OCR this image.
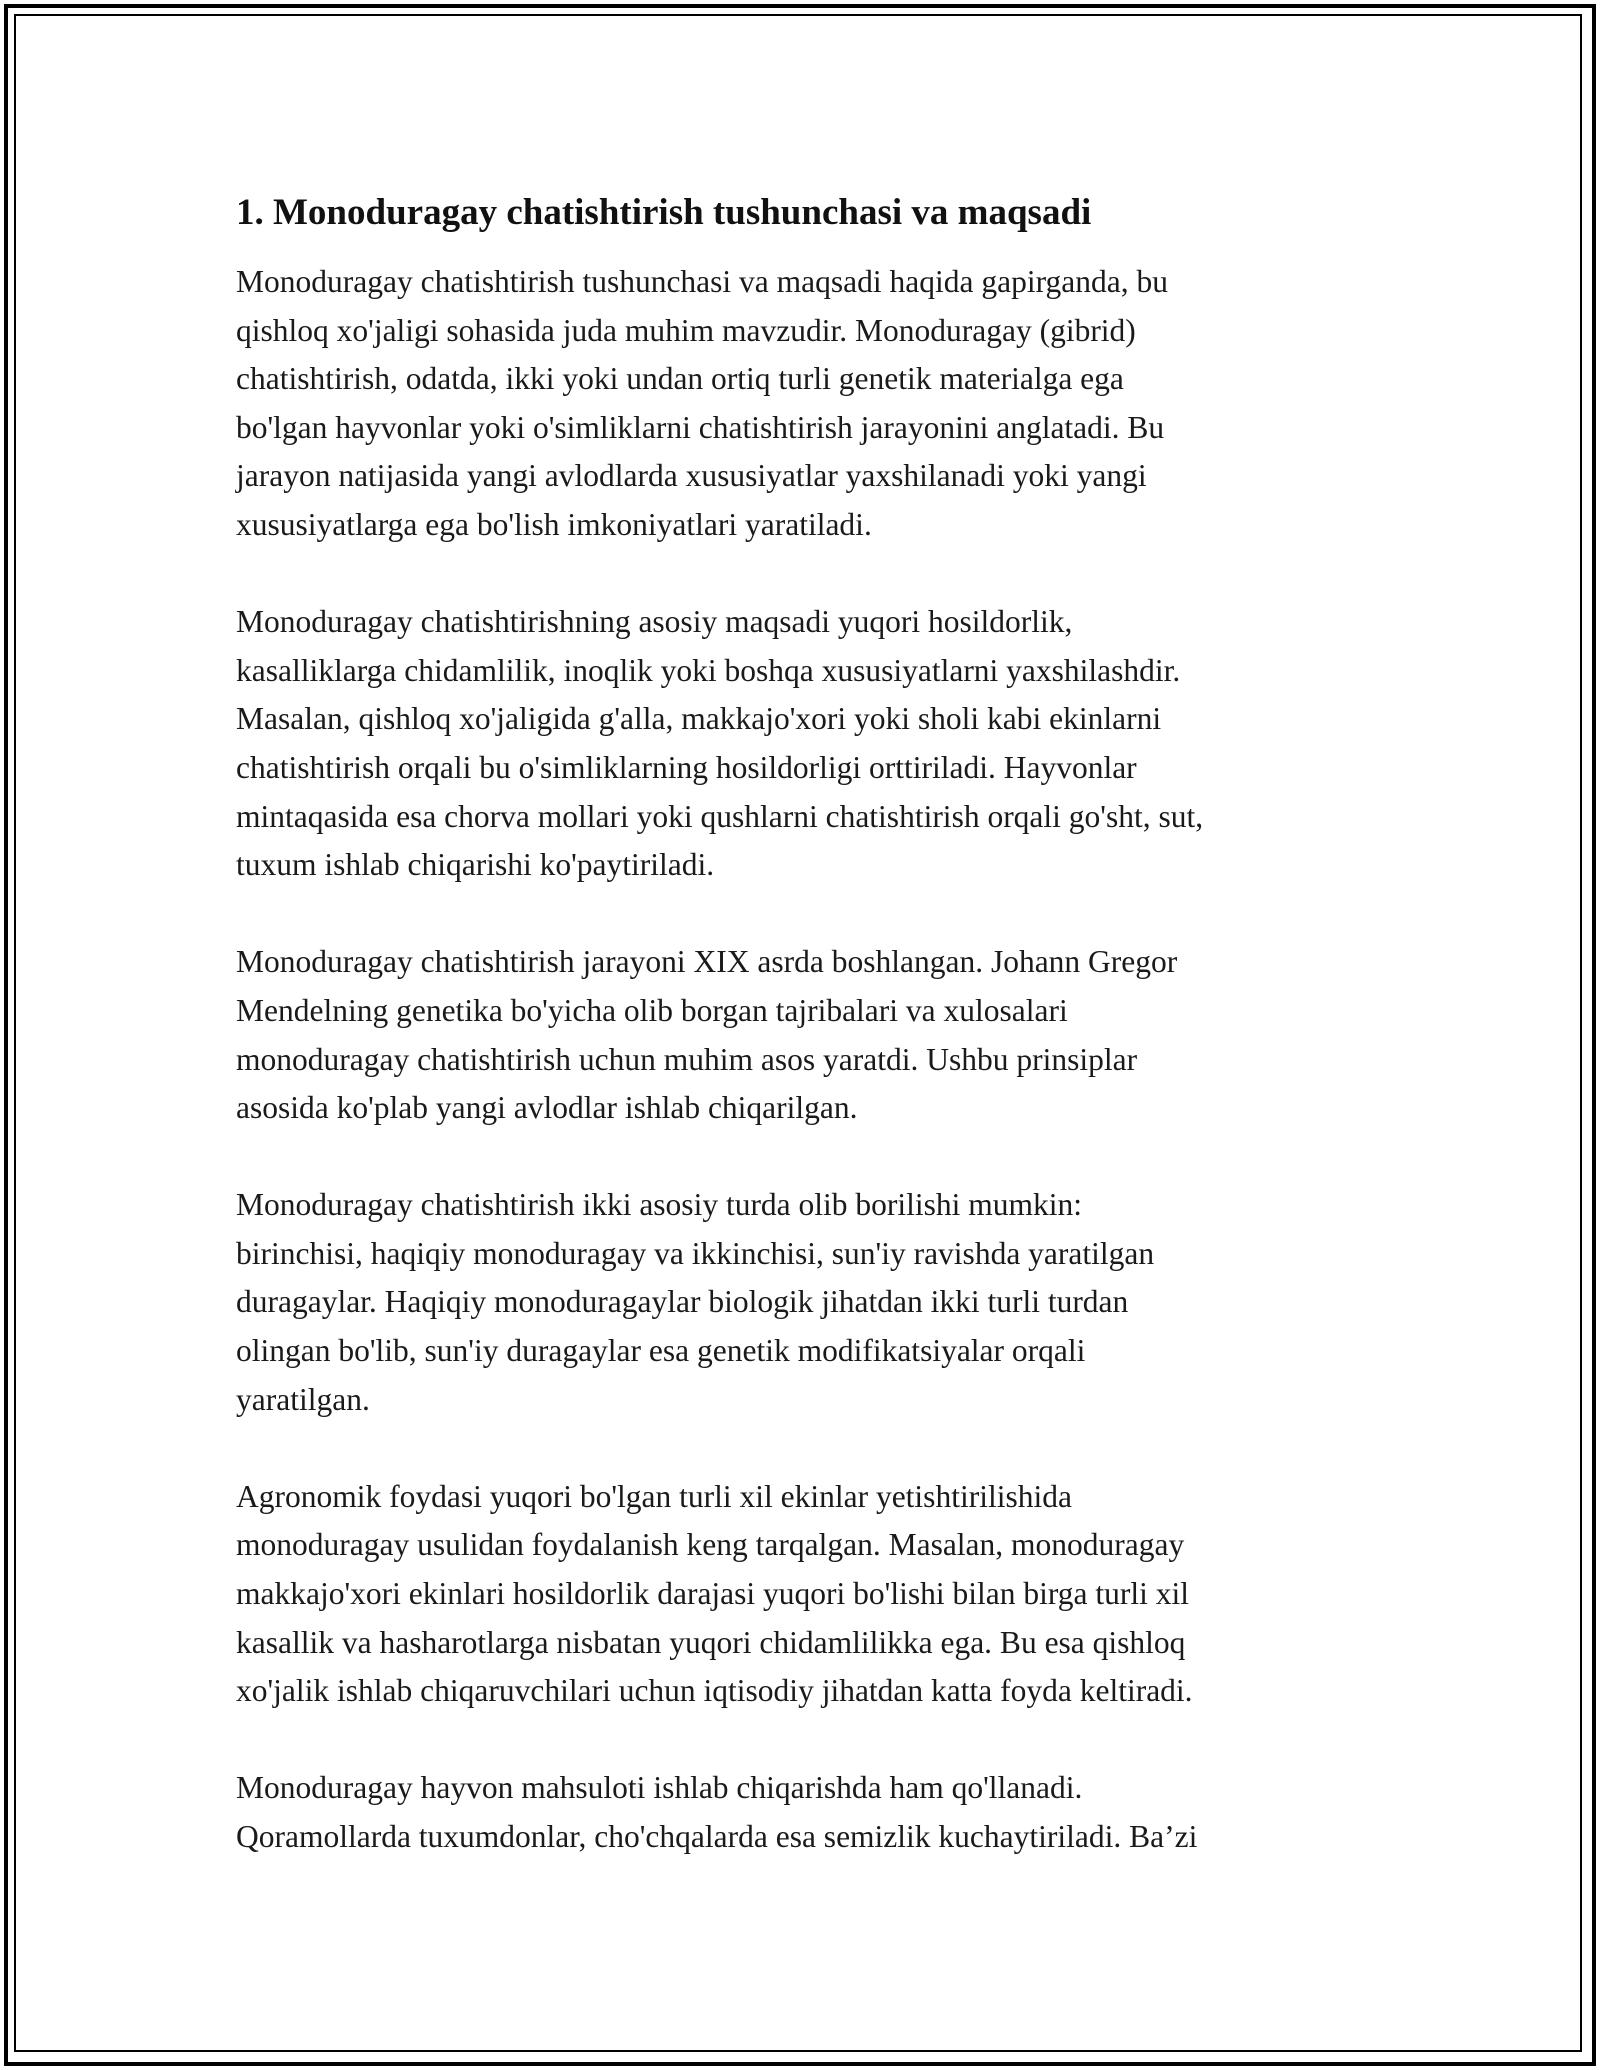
1. Monoduragay chatishtirish tushunchasi va maqsadi

Monoduragay chatishtirish tushunchasi va maqsadi haqida gapirganda, bu
qishloq xo'jaligi sohasida juda muhim mavzudir. Monoduragay (gibrid)
chatishtirish, odatda, ikki yoki undan ortiq turli genetik materialga ega
bo'lgan hayvonlar yoki o'simliklarni chatishtirish jarayonini anglatadi. Bu
jarayon natijasida yangi avlodlarda xususiyatlar yaxshilanadi yoki yangi
xususiyatlarga ega bo'lish imkoniyatlari yaratiladi.

Monoduragay chatishtirishning asosiy maqsadi yuqori hosildorlik,
kasalliklarga chidamlilik, inoqlik yoki boshqa xususiyatlarni yaxshilashdir.
Masalan, qishloq xo'jaligida g'alla, makkajo'xori yoki sholi kabi ekinlarni
chatishtirish orqali bu o'simliklarning hosildorligi orttiriladi. Hayvonlar
mintaqasida esa chorva mollari yoki qushlarni chatishtirish orqali go'sht, sut,
tuxum ishlab chiqarishi ko'paytiriladi.

Monoduragay chatishtirish jarayoni XIX asrda boshlangan. Johann Gregor
Mendelning genetika bo'yicha olib borgan tajribalari va xulosalari
monoduragay chatishtirish uchun muhim asos yaratdi. Ushbu prinsiplar
asosida ko'plab yangi avlodlar ishlab chiqarilgan.

Monoduragay chatishtirish ikki asosiy turda olib borilishi mumkin:
birinchisi, haqiqiy monoduragay va ikkinchisi, sun'iy ravishda yaratilgan
duragaylar. Haqiqiy monoduragaylar biologik jihatdan ikki turli turdan
olingan bo'lib, sun'iy duragaylar esa genetik modifikatsiyalar orqali
yaratilgan.

Agronomik foydasi yuqori bo'lgan turli xil ekinlar yetishtirilishida
monoduragay usulidan foydalanish keng tarqalgan. Masalan, monoduragay
makkajo'xori ekinlari hosildorlik darajasi yuqori bo'lishi bilan birga turli xil
kasallik va hasharotlarga nisbatan yuqori chidamlilikka ega. Bu esa qishloq
xo'jalik ishlab chiqaruvchilari uchun iqtisodiy jihatdan katta foyda keltiradi.

Monoduragay hayvon mahsuloti ishlab chiqarishda ham qo'llanadi.
Qoramollarda tuxumdonlar, cho'chqalarda esa semizlik kuchaytiriladi. Ba’zi
